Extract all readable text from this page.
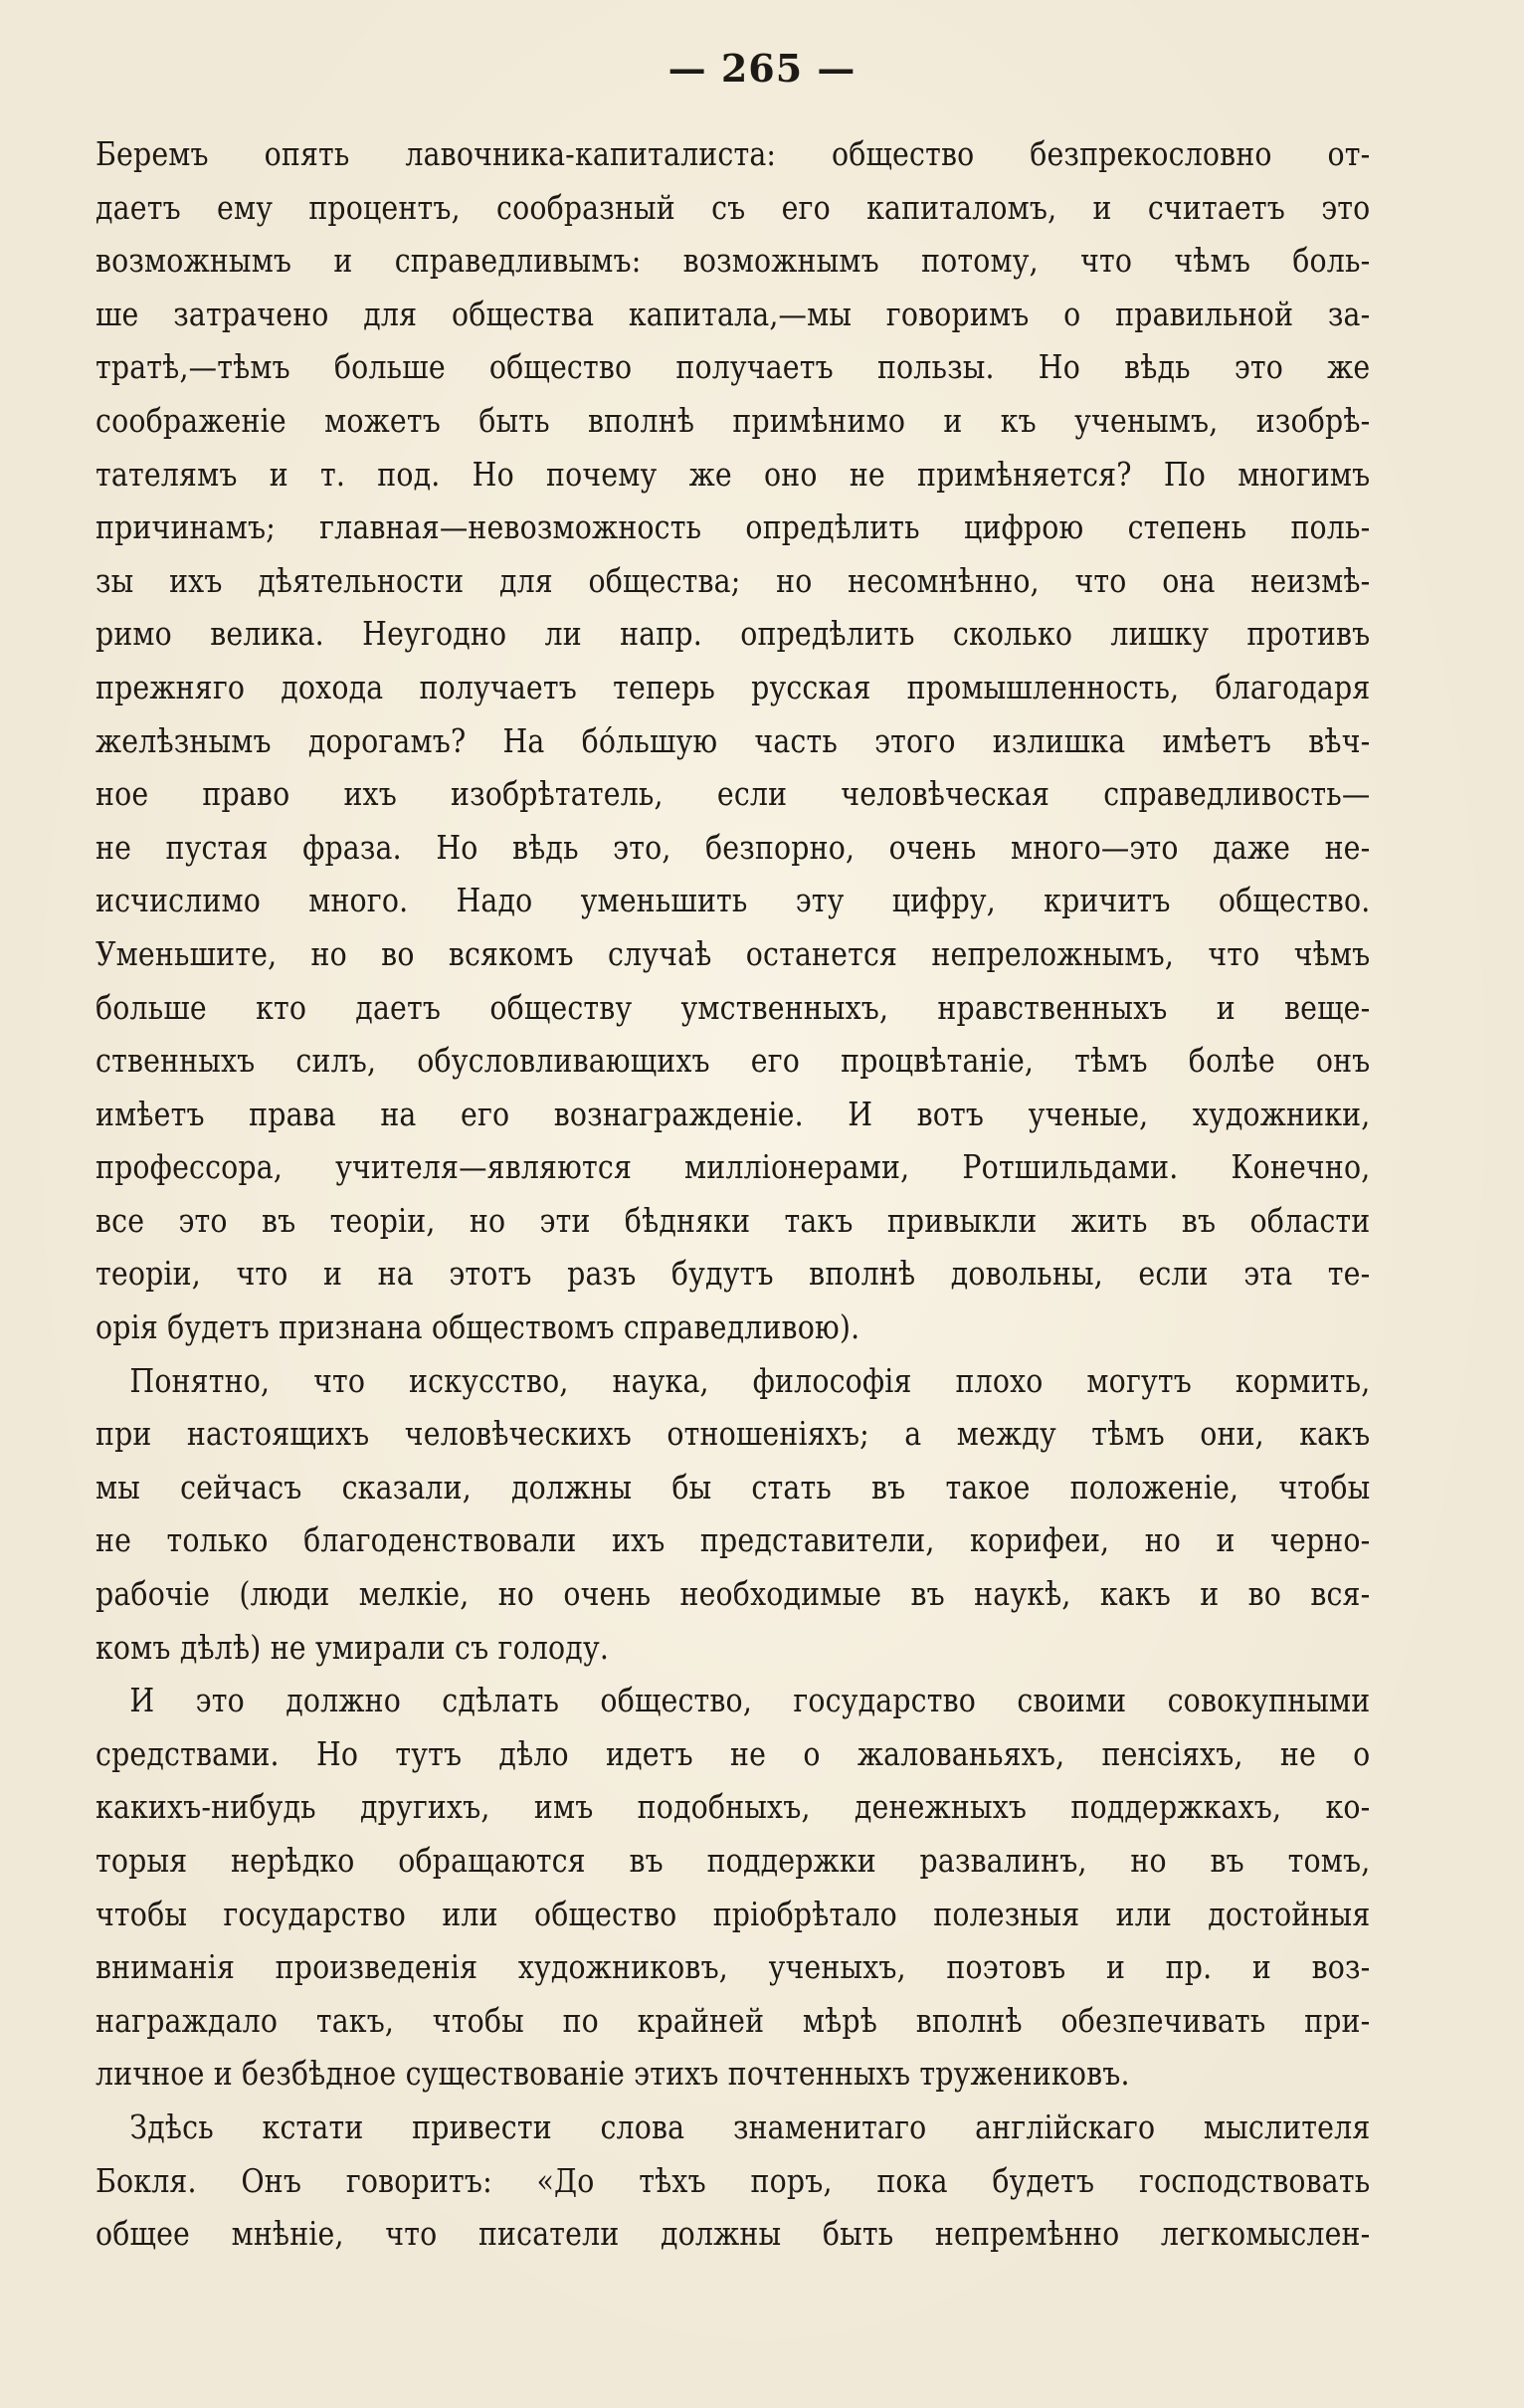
— 265 —
Беремъ опять лавочника-капиталиста: общество безпрекословно от-
даетъ ему процентъ, сообразный съ его капиталомъ, и считаетъ это
возможнымъ и справедливымъ: возможнымъ потому, что чѣмъ боль-
ше затрачено для общества капитала,—мы говоримъ о правильной за-
тратѣ,—тѣмъ больше общество получаетъ пользы. Но вѣдь это же
соображеніе можетъ быть вполнѣ примѣнимо и къ ученымъ, изобрѣ-
тателямъ и т. под. Но почему же оно не примѣняется? По многимъ
причинамъ; главная—невозможность опредѣлить цифрою степень поль-
зы ихъ дѣятельности для общества; но несомнѣнно, что она неизмѣ-
римо велика. Неугодно ли напр. опредѣлить сколько лишку противъ
прежняго дохода получаетъ теперь русская промышленность, благодаря
желѣзнымъ дорогамъ? На бо́льшую часть этого излишка имѣетъ вѣч-
ное право ихъ изобрѣтатель, если человѣческая справедливость—
не пустая фраза. Но вѣдь это, безпорно, очень много—это даже не-
исчислимо много. Надо уменьшить эту цифру, кричитъ общество.
Уменьшите, но во всякомъ случаѣ останется непреложнымъ, что чѣмъ
больше кто даетъ обществу умственныхъ, нравственныхъ и веще-
ственныхъ силъ, обусловливающихъ его процвѣтаніе, тѣмъ болѣе онъ
имѣетъ права на его вознагражденіе. И вотъ ученые, художники,
профессора, учителя—являются милліонерами, Ротшильдами. Конечно,
все это въ теоріи, но эти бѣдняки такъ привыкли жить въ области
теоріи, что и на этотъ разъ будутъ вполнѣ довольны, если эта те-
орія будетъ признана обществомъ справедливою).
Понятно, что искусство, наука, философія плохо могутъ кормить,
при настоящихъ человѣческихъ отношеніяхъ; а между тѣмъ они, какъ
мы сейчасъ сказали, должны бы стать въ такое положеніе, чтобы
не только благоденствовали ихъ представители, корифеи, но и черно-
рабочіе (люди мелкіе, но очень необходимые въ наукѣ, какъ и во вся-
комъ дѣлѣ) не умирали съ голоду.
И это должно сдѣлать общество, государство своими совокупными
средствами. Но тутъ дѣло идетъ не о жалованьяхъ, пенсіяхъ, не о
какихъ-нибудь другихъ, имъ подобныхъ, денежныхъ поддержкахъ, ко-
торыя нерѣдко обращаются въ поддержки развалинъ, но въ томъ,
чтобы государство или общество пріобрѣтало полезныя или достойныя
вниманія произведенія художниковъ, ученыхъ, поэтовъ и пр. и воз-
награждало такъ, чтобы по крайней мѣрѣ вполнѣ обезпечивать при-
личное и безбѣдное существованіе этихъ почтенныхъ тружениковъ.
Здѣсь кстати привести слова знаменитаго англійскаго мыслителя
Бокля. Онъ говоритъ: «До тѣхъ поръ, пока будетъ господствовать
общее мнѣніе, что писатели должны быть непремѣнно легкомыслен-
